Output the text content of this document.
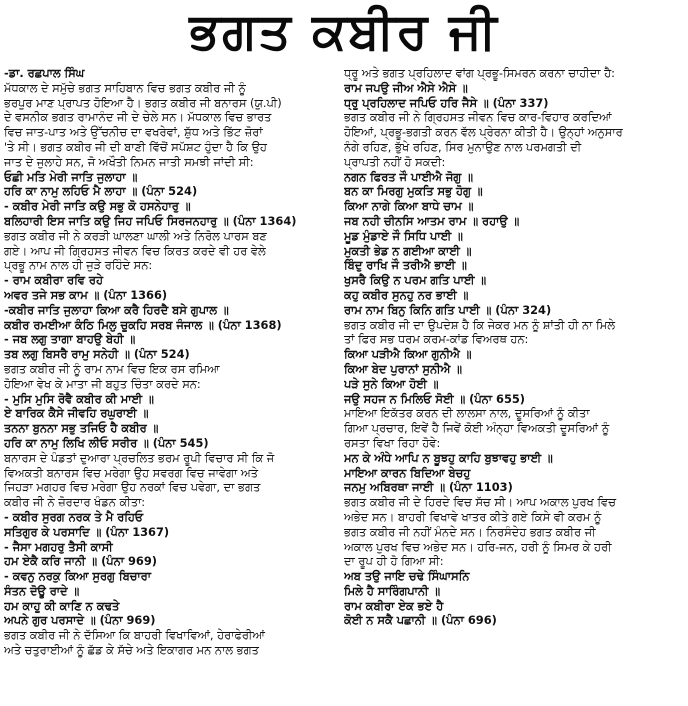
ਭਗਤ ਕਬੀਰ ਜੀ
-ਡਾ. ਰਛਪਾਲ ਸਿੰਘ
ਮੱਧਕਾਲ ਦੇ ਸਮੁੱਚੇ ਭਗਤ ਸਾਹਿਬਾਨ ਵਿਚ ਭਗਤ ਕਬੀਰ ਜੀ ਨੂੰ
ਭਰਪੂਰ ਮਾਣ ਪ੍ਰਾਪਤ ਹੋਇਆ ਹੈ। ਭਗਤ ਕਬੀਰ ਜੀ ਬਨਾਰਸ (ਯੂ.ਪੀ)
ਦੇ ਵਸਨੀਕ ਭਗਤ ਰਾਮਾਨੰਦ ਜੀ ਦੇ ਚੇਲੇ ਸਨ। ਮੱਧਕਾਲ ਵਿਚ ਭਾਰਤ
ਵਿਚ ਜਾਤ-ਪਾਤ ਅਤੇ ਉੱਚਨੀਚ ਦਾ ਵਖਰੇਵਾਂ, ਸ਼ੁੱਧ ਅਤੇ ਭਿੱਟ ਜ਼ੋਰਾਂ
'ਤੇ ਸੀ। ਭਗਤ ਕਬੀਰ ਜੀ ਦੀ ਬਾਣੀ ਵਿੱਚੋਂ ਸਪੱਸ਼ਟ ਹੁੰਦਾ ਹੈ ਕਿ ਉਹ
ਜਾਤ ਦੇ ਜੁਲਾਹੇ ਸਨ, ਜੋ ਅਖੌਤੀ ਨਿਮਨ ਜਾਤੀ ਸਮਝੀ ਜਾਂਦੀ ਸੀ:
ਓਛੀ ਮਤਿ ਮੇਰੀ ਜਾਤਿ ਜੁਲਾਹਾ ॥
ਹਰਿ ਕਾ ਨਾਮੁ ਲਹਿਓ ਮੈ ਲਾਹਾ ॥ (ਪੰਨਾ 524)
- ਕਬੀਰ ਮੇਰੀ ਜਾਤਿ ਕਉ ਸਭੁ ਕੋ ਹਸਨੇਹਾਰੁ ॥
ਬਲਿਹਾਰੀ ਇਸ ਜਾਤਿ ਕਉ ਜਿਹ ਜਪਿਓ ਸਿਰਜਨਹਾਰੁ ॥ (ਪੰਨਾ 1364)
ਭਗਤ ਕਬੀਰ ਜੀ ਨੇ ਕਰੜੀ ਘਾਲਣਾ ਘਾਲੀ ਅਤੇ ਨਿਰੋਲ ਪਾਰਸ ਬਣ
ਗਏ। ਆਪ ਜੀ ਗ੍ਰਿਹਸਤ ਜੀਵਨ ਵਿਚ ਕਿਰਤ ਕਰਦੇ ਵੀ ਹਰ ਵੇਲੇ
ਪ੍ਰਭੂ ਨਾਮ ਨਾਲ ਹੀ ਜੁੜੇ ਰਹਿੰਦੇ ਸਨ:
- ਰਾਮ ਕਬੀਰਾ ਰਵਿ ਰਹੇ
ਅਵਰ ਤਜੇ ਸਭ ਕਾਮ ॥ (ਪੰਨਾ 1366)
-ਕਬੀਰ ਜਾਤਿ ਜੁਲਾਹਾ ਕਿਆ ਕਰੈ ਹਿਰਦੈ ਬਸੇ ਗੁਪਾਲ ॥
ਕਬੀਰ ਰਮਈਆ ਕੰਠਿ ਮਿਲੁ ਚੂਕਹਿ ਸਰਬ ਜੰਜਾਲ ॥ (ਪੰਨਾ 1368)
- ਜਬ ਲਗੁ ਤਾਗਾ ਬਾਹਉ ਬੇਹੀ ॥
ਤਬ ਲਗੁ ਬਿਸਰੈ ਰਾਮੁ ਸਨੇਹੀ ॥ (ਪੰਨਾ 524)
ਭਗਤ ਕਬੀਰ ਜੀ ਨੂੰ ਰਾਮ ਨਾਮ ਵਿਚ ਇਕ ਰਸ ਰਮਿਆ
ਹੋਇਆ ਵੇਖ ਕੇ ਮਾਤਾ ਜੀ ਬਹੁਤ ਚਿੰਤਾ ਕਰਦੇ ਸਨ:
- ਮੁਸਿ ਮੁਸਿ ਰੋਵੈ ਕਬੀਰ ਕੀ ਮਾਈ ॥
ਏ ਬਾਰਿਕ ਕੈਸੇ ਜੀਵਹਿ ਰਘੁਰਾਈ ॥
ਤਨਨਾ ਬੁਨਨਾ ਸਭੁ ਤਜਿਓ ਹੈ ਕਬੀਰ ॥
ਹਰਿ ਕਾ ਨਾਮੁ ਲਿਖਿ ਲੀਓ ਸਰੀਰ ॥ (ਪੰਨਾ 545)
ਬਨਾਰਸ ਦੇ ਪੰਡਤਾਂ ਦੁਆਰਾ ਪ੍ਰਚਲਿਤ ਭਰਮ ਰੂਪੀ ਵਿਚਾਰ ਸੀ ਕਿ ਜੋ
ਵਿਅਕਤੀ ਬਨਾਰਸ ਵਿਚ ਮਰੇਗਾ ਉਹ ਸਵਰਗ ਵਿਚ ਜਾਵੇਗਾ ਅਤੇ
ਜਿਹੜਾ ਮਗਹਰ ਵਿਚ ਮਰੇਗਾ ਉਹ ਨਰਕਾਂ ਵਿਚ ਪਵੇਗਾ, ਦਾ ਭਗਤ
ਕਬੀਰ ਜੀ ਨੇ ਜ਼ੋਰਦਾਰ ਖੰਡਨ ਕੀਤਾ:
- ਕਬੀਰ ਸੁਰਗ ਨਰਕ ਤੇ ਮੈ ਰਹਿਓ
ਸਤਿਗੁਰ ਕੇ ਪਰਸਾਦਿ ॥ (ਪੰਨਾ 1367)
- ਜੈਸਾ ਮਗਹਰੁ ਤੈਸੀ ਕਾਸੀ
ਹਮ ਏਕੈ ਕਰਿ ਜਾਨੀ ॥ (ਪੰਨਾ 969)
- ਕਵਨੁ ਨਰਕੁ ਕਿਆ ਸੁਰਗੁ ਬਿਚਾਰਾ
ਸੰਤਨ ਦੋਊ ਰਾਦੇ ॥
ਹਮ ਕਾਹੂ ਕੀ ਕਾਣਿ ਨ ਕਢਤੇ
ਅਪਨੇ ਗੁਰ ਪਰਸਾਦੇ ॥ (ਪੰਨਾ 969)
ਭਗਤ ਕਬੀਰ ਜੀ ਨੇ ਦੱਸਿਆ ਕਿ ਬਾਹਰੀ ਵਿਖਾਵਿਆਂ, ਹੇਰਾਫੇਰੀਆਂ
ਅਤੇ ਚਤੁਰਾਈਆਂ ਨੂੰ ਛੱਡ ਕੇ ਸੱਚੇ ਅਤੇ ਇਕਾਗਰ ਮਨ ਨਾਲ ਭਗਤ
ਧ੍ਰੂ ਅਤੇ ਭਗਤ ਪ੍ਰਹਿਲਾਦ ਵਾਂਗ ਪ੍ਰਭੂ-ਸਿਮਰਨ ਕਰਨਾ ਚਾਹੀਦਾ ਹੈ:
ਰਾਮ ਜਪਉ ਜੀਅ ਐਸੇ ਐਸੇ ॥
ਧ੍ਰੂ ਪ੍ਰਹਿਲਾਦ ਜਪਿਓ ਹਰਿ ਜੈਸੇ ॥ (ਪੰਨਾ 337)
ਭਗਤ ਕਬੀਰ ਜੀ ਨੇ ਗ੍ਰਿਹਸਤ ਜੀਵਨ ਵਿਚ ਕਾਰ-ਵਿਹਾਰ ਕਰਦਿਆਂ
ਹੋਇਆਂ, ਪ੍ਰਭੂ-ਭਗਤੀ ਕਰਨ ਵੱਲ ਪ੍ਰੇਰਨਾ ਕੀਤੀ ਹੈ। ਉਨ੍ਹਾਂ ਅਨੁਸਾਰ
ਨੰਗੇ ਰਹਿਣ, ਭੁੱਖੇ ਰਹਿਣ, ਸਿਰ ਮੁਨਾਉਣ ਨਾਲ ਪਰਮਗਤੀ ਦੀ
ਪ੍ਰਾਪਤੀ ਨਹੀਂ ਹੋ ਸਕਦੀ:
ਨਗਨ ਫਿਰਤ ਜੌ ਪਾਈਐ ਜੋਗੁ ॥
ਬਨ ਕਾ ਮਿਰਗੁ ਮੁਕਤਿ ਸਭੁ ਹੋਗੁ ॥
ਕਿਆ ਨਾਗੇ ਕਿਆ ਬਾਧੇ ਚਾਮ ॥
ਜਬ ਨਹੀ ਚੀਨਸਿ ਆਤਮ ਰਾਮ ॥ ਰਹਾਉ ॥
ਮੂਡ ਮੁੰਡਾਏ ਜੌ ਸਿਧਿ ਪਾਈ ॥
ਮੁਕਤੀ ਭੇਡ ਨ ਗਈਆ ਕਾਈ ॥
ਬਿੰਦੁ ਰਾਖਿ ਜੌ ਤਰੀਐ ਭਾਈ ॥
ਖੁਸਰੈ ਕਿਉ ਨ ਪਰਮ ਗਤਿ ਪਾਈ ॥
ਕਹੁ ਕਬੀਰ ਸੁਨਹੁ ਨਰ ਭਾਈ ॥
ਰਾਮ ਨਾਮ ਬਿਨੁ ਕਿਨਿ ਗਤਿ ਪਾਈ ॥ (ਪੰਨਾ 324)
ਭਗਤ ਕਬੀਰ ਜੀ ਦਾ ਉਪਦੇਸ਼ ਹੈ ਕਿ ਜੇਕਰ ਮਨ ਨੂੰ ਸ਼ਾਂਤੀ ਹੀ ਨਾ ਮਿਲੇ
ਤਾਂ ਫਿਰ ਸਭ ਧਰਮ ਕਰਮ-ਕਾਂਡ ਵਿਅਰਥ ਹਨ:
ਕਿਆ ਪੜੀਐ ਕਿਆ ਗੁਨੀਐ ॥
ਕਿਆ ਬੇਦ ਪੁਰਾਨਾਂ ਸੁਨੀਐ ॥
ਪੜੇ ਸੁਨੇ ਕਿਆ ਹੋਈ ॥
ਜਉ ਸਹਜ ਨ ਮਿਲਿਓ ਸੋਈ ॥ (ਪੰਨਾ 655)
ਮਾਇਆ ਇਕੱਤਰ ਕਰਨ ਦੀ ਲਾਲਸਾ ਨਾਲ, ਦੂਸਰਿਆਂ ਨੂੰ ਕੀਤਾ
ਗਿਆ ਪ੍ਰਚਾਰ, ਇਵੇਂ ਹੈ ਜਿਵੇਂ ਕੋਈ ਅੰਨ੍ਹਾ ਵਿਅਕਤੀ ਦੂਸਰਿਆਂ ਨੂੰ
ਰਸਤਾ ਵਿਖਾ ਰਿਹਾ ਹੋਵੇ:
ਮਨ ਕੇ ਅੰਧੇ ਆਪਿ ਨ ਬੂਝਹੁ ਕਾਹਿ ਬੁਝਾਵਹੁ ਭਾਈ ॥
ਮਾਇਆ ਕਾਰਨ ਬਿਦਿਆ ਬੇਚਹੁ
ਜਨਮੁ ਅਬਿਰਥਾ ਜਾਈ ॥ (ਪੰਨਾ 1103)
ਭਗਤ ਕਬੀਰ ਜੀ ਦੇ ਹਿਰਦੇ ਵਿਚ ਸੱਚ ਸੀ। ਆਪ ਅਕਾਲ ਪੁਰਖ ਵਿਚ
ਅਭੇਦ ਸਨ। ਬਾਹਰੀ ਵਿਖਾਵੇ ਖਾਤਰ ਕੀਤੇ ਗਏ ਕਿਸੇ ਵੀ ਕਰਮ ਨੂੰ
ਭਗਤ ਕਬੀਰ ਜੀ ਨਹੀਂ ਮੰਨਦੇ ਸਨ। ਨਿਰਸੰਦੇਹ ਭਗਤ ਕਬੀਰ ਜੀ
ਅਕਾਲ ਪੁਰਖ ਵਿਚ ਅਭੇਦ ਸਨ। ਹਰਿ-ਜਨ, ਹਰੀ ਨੂੰ ਸਿਮਰ ਕੇ ਹਰੀ
ਦਾ ਰੂਪ ਹੀ ਹੋ ਗਿਆ ਸੀ:
ਅਬ ਤਉ ਜਾਇ ਚਢੇ ਸਿੰਘਾਸਨਿ
ਮਿਲੇ ਹੈ ਸਾਰਿੰਗਪਾਨੀ ॥
ਰਾਮ ਕਬੀਰਾ ਏਕ ਭਏ ਹੈ
ਕੋਈ ਨ ਸਕੈ ਪਛਾਨੀ ॥ (ਪੰਨਾ 696)
